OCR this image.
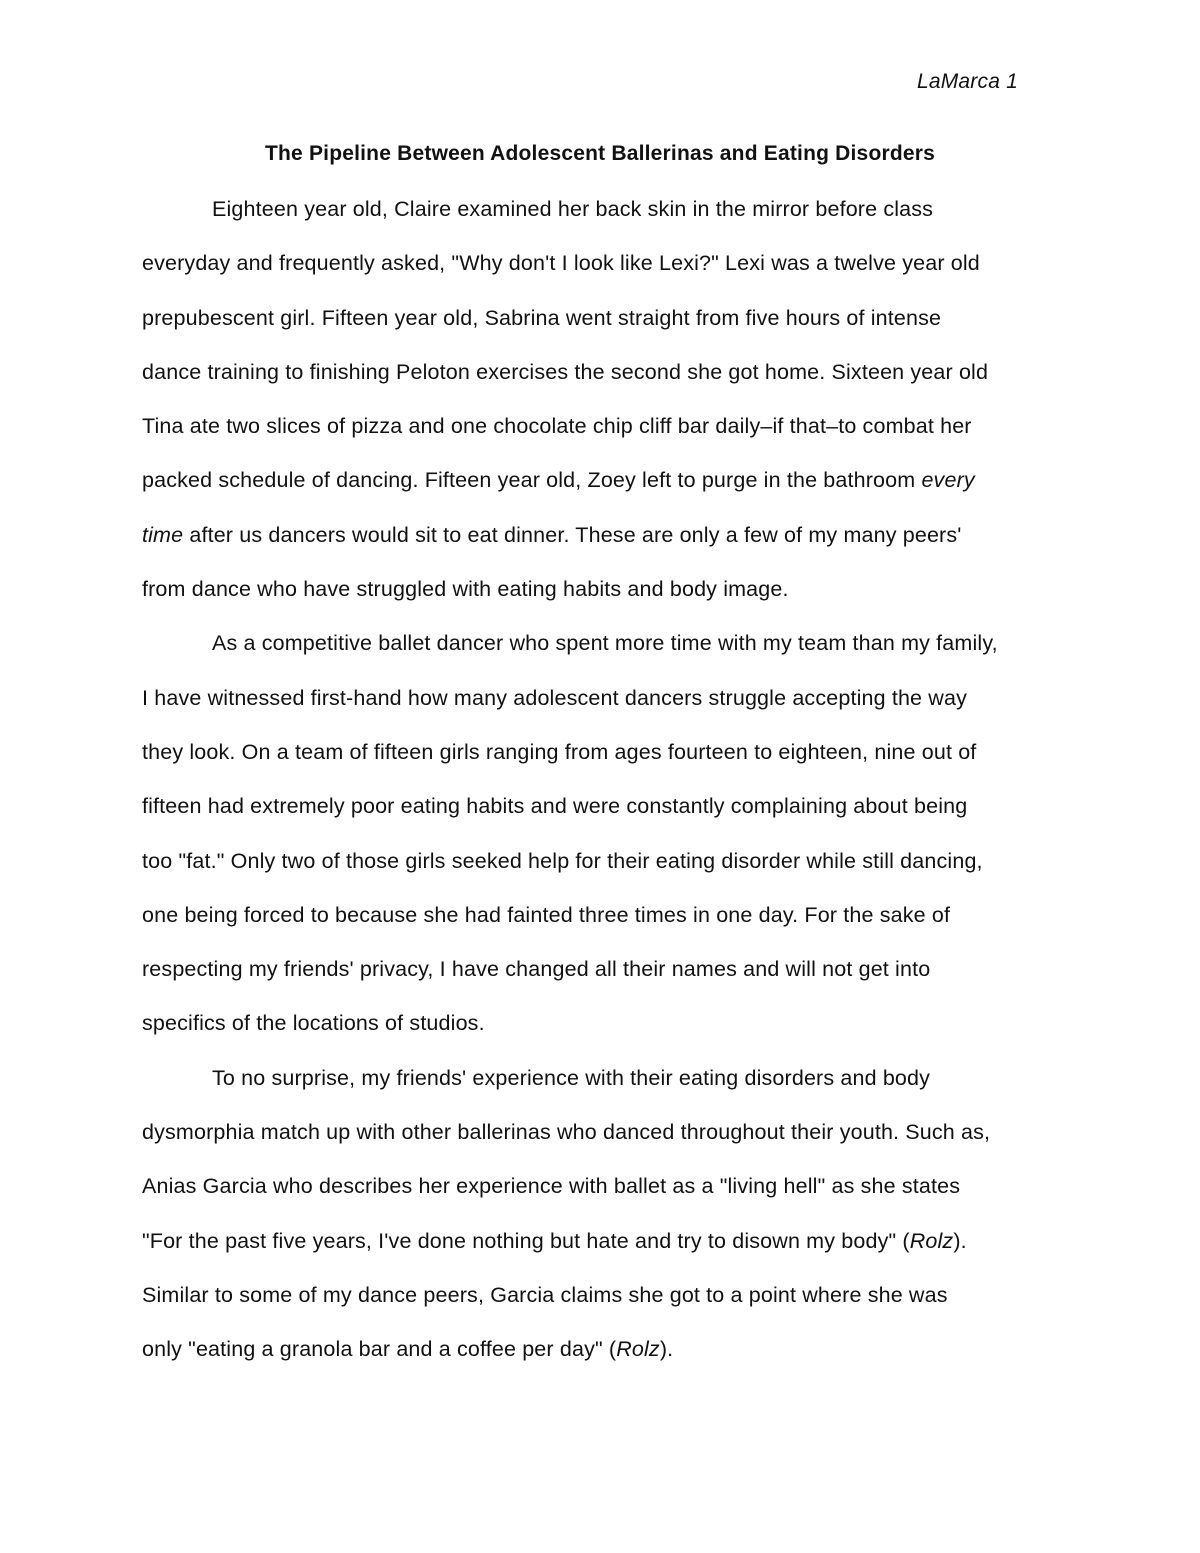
LaMarca 1
The Pipeline Between Adolescent Ballerinas and Eating Disorders
Eighteen year old, Claire examined her back skin in the mirror before class
everyday and frequently asked, "Why don't I look like Lexi?" Lexi was a twelve year old
prepubescent girl. Fifteen year old, Sabrina went straight from five hours of intense
dance training to finishing Peloton exercises the second she got home. Sixteen year old
Tina ate two slices of pizza and one chocolate chip cliff bar daily–if that–to combat her
packed schedule of dancing. Fifteen year old, Zoey left to purge in the bathroom every
time after us dancers would sit to eat dinner. These are only a few of my many peers'
from dance who have struggled with eating habits and body image.
As a competitive ballet dancer who spent more time with my team than my family,
I have witnessed first-hand how many adolescent dancers struggle accepting the way
they look. On a team of fifteen girls ranging from ages fourteen to eighteen, nine out of
fifteen had extremely poor eating habits and were constantly complaining about being
too "fat." Only two of those girls seeked help for their eating disorder while still dancing,
one being forced to because she had fainted three times in one day. For the sake of
respecting my friends' privacy, I have changed all their names and will not get into
specifics of the locations of studios.
To no surprise, my friends' experience with their eating disorders and body
dysmorphia match up with other ballerinas who danced throughout their youth. Such as,
Anias Garcia who describes her experience with ballet as a "living hell" as she states
"For the past five years, I've done nothing but hate and try to disown my body" (Rolz).
Similar to some of my dance peers, Garcia claims she got to a point where she was
only "eating a granola bar and a coffee per day" (Rolz).
